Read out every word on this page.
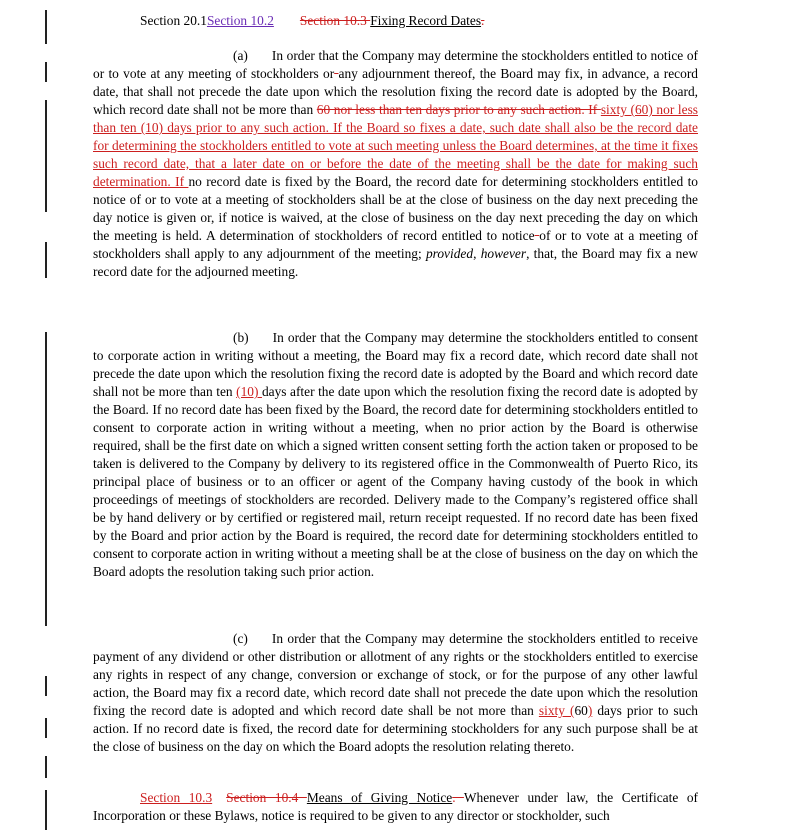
Section 20.1Section 10.2 Section 10.3 Fixing Record Dates.

(a) In order that the Company may determine the stockholders entitled to notice of or to vote at any meeting of stockholders or any adjournment thereof, the Board may fix, in advance, a record date, that shall not precede the date upon which the resolution fixing the record date is adopted by the Board, which record date shall not be more than 60 nor less than ten days prior to any such action. If sixty (60) nor less than ten (10) days prior to any such action. If the Board so fixes a date, such date shall also be the record date for determining the stockholders entitled to vote at such meeting unless the Board determines, at the time it fixes such record date, that a later date on or before the date of the meeting shall be the date for making such determination. If no record date is fixed by the Board, the record date for determining stockholders entitled to notice of or to vote at a meeting of stockholders shall be at the close of business on the day next preceding the day notice is given or, if notice is waived, at the close of business on the day next preceding the day on which the meeting is held. A determination of stockholders of record entitled to notice of or to vote at a meeting of stockholders shall apply to any adjournment of the meeting; provided, however, that, the Board may fix a new record date for the adjourned meeting.

(b) In order that the Company may determine the stockholders entitled to consent to corporate action in writing without a meeting, the Board may fix a record date, which record date shall not precede the date upon which the resolution fixing the record date is adopted by the Board and which record date shall not be more than ten (10) days after the date upon which the resolution fixing the record date is adopted by the Board. If no record date has been fixed by the Board, the record date for determining stockholders entitled to consent to corporate action in writing without a meeting, when no prior action by the Board is otherwise required, shall be the first date on which a signed written consent setting forth the action taken or proposed to be taken is delivered to the Company by delivery to its registered office in the Commonwealth of Puerto Rico, its principal place of business or to an officer or agent of the Company having custody of the book in which proceedings of meetings of stockholders are recorded. Delivery made to the Company’s registered office shall be by hand delivery or by certified or registered mail, return receipt requested. If no record date has been fixed by the Board and prior action by the Board is required, the record date for determining stockholders entitled to consent to corporate action in writing without a meeting shall be at the close of business on the day on which the Board adopts the resolution taking such prior action.

(c) In order that the Company may determine the stockholders entitled to receive payment of any dividend or other distribution or allotment of any rights or the stockholders entitled to exercise any rights in respect of any change, conversion or exchange of stock, or for the purpose of any other lawful action, the Board may fix a record date, which record date shall not precede the date upon which the resolution fixing the record date is adopted and which record date shall be not more than sixty (60) days prior to such action. If no record date is fixed, the record date for determining stockholders for any such purpose shall be at the close of business on the day on which the Board adopts the resolution relating thereto.

Section 10.3 Section 10.4 Means of Giving Notice. Whenever under law, the Certificate of Incorporation or these Bylaws, notice is required to be given to any director or stockholder, such
